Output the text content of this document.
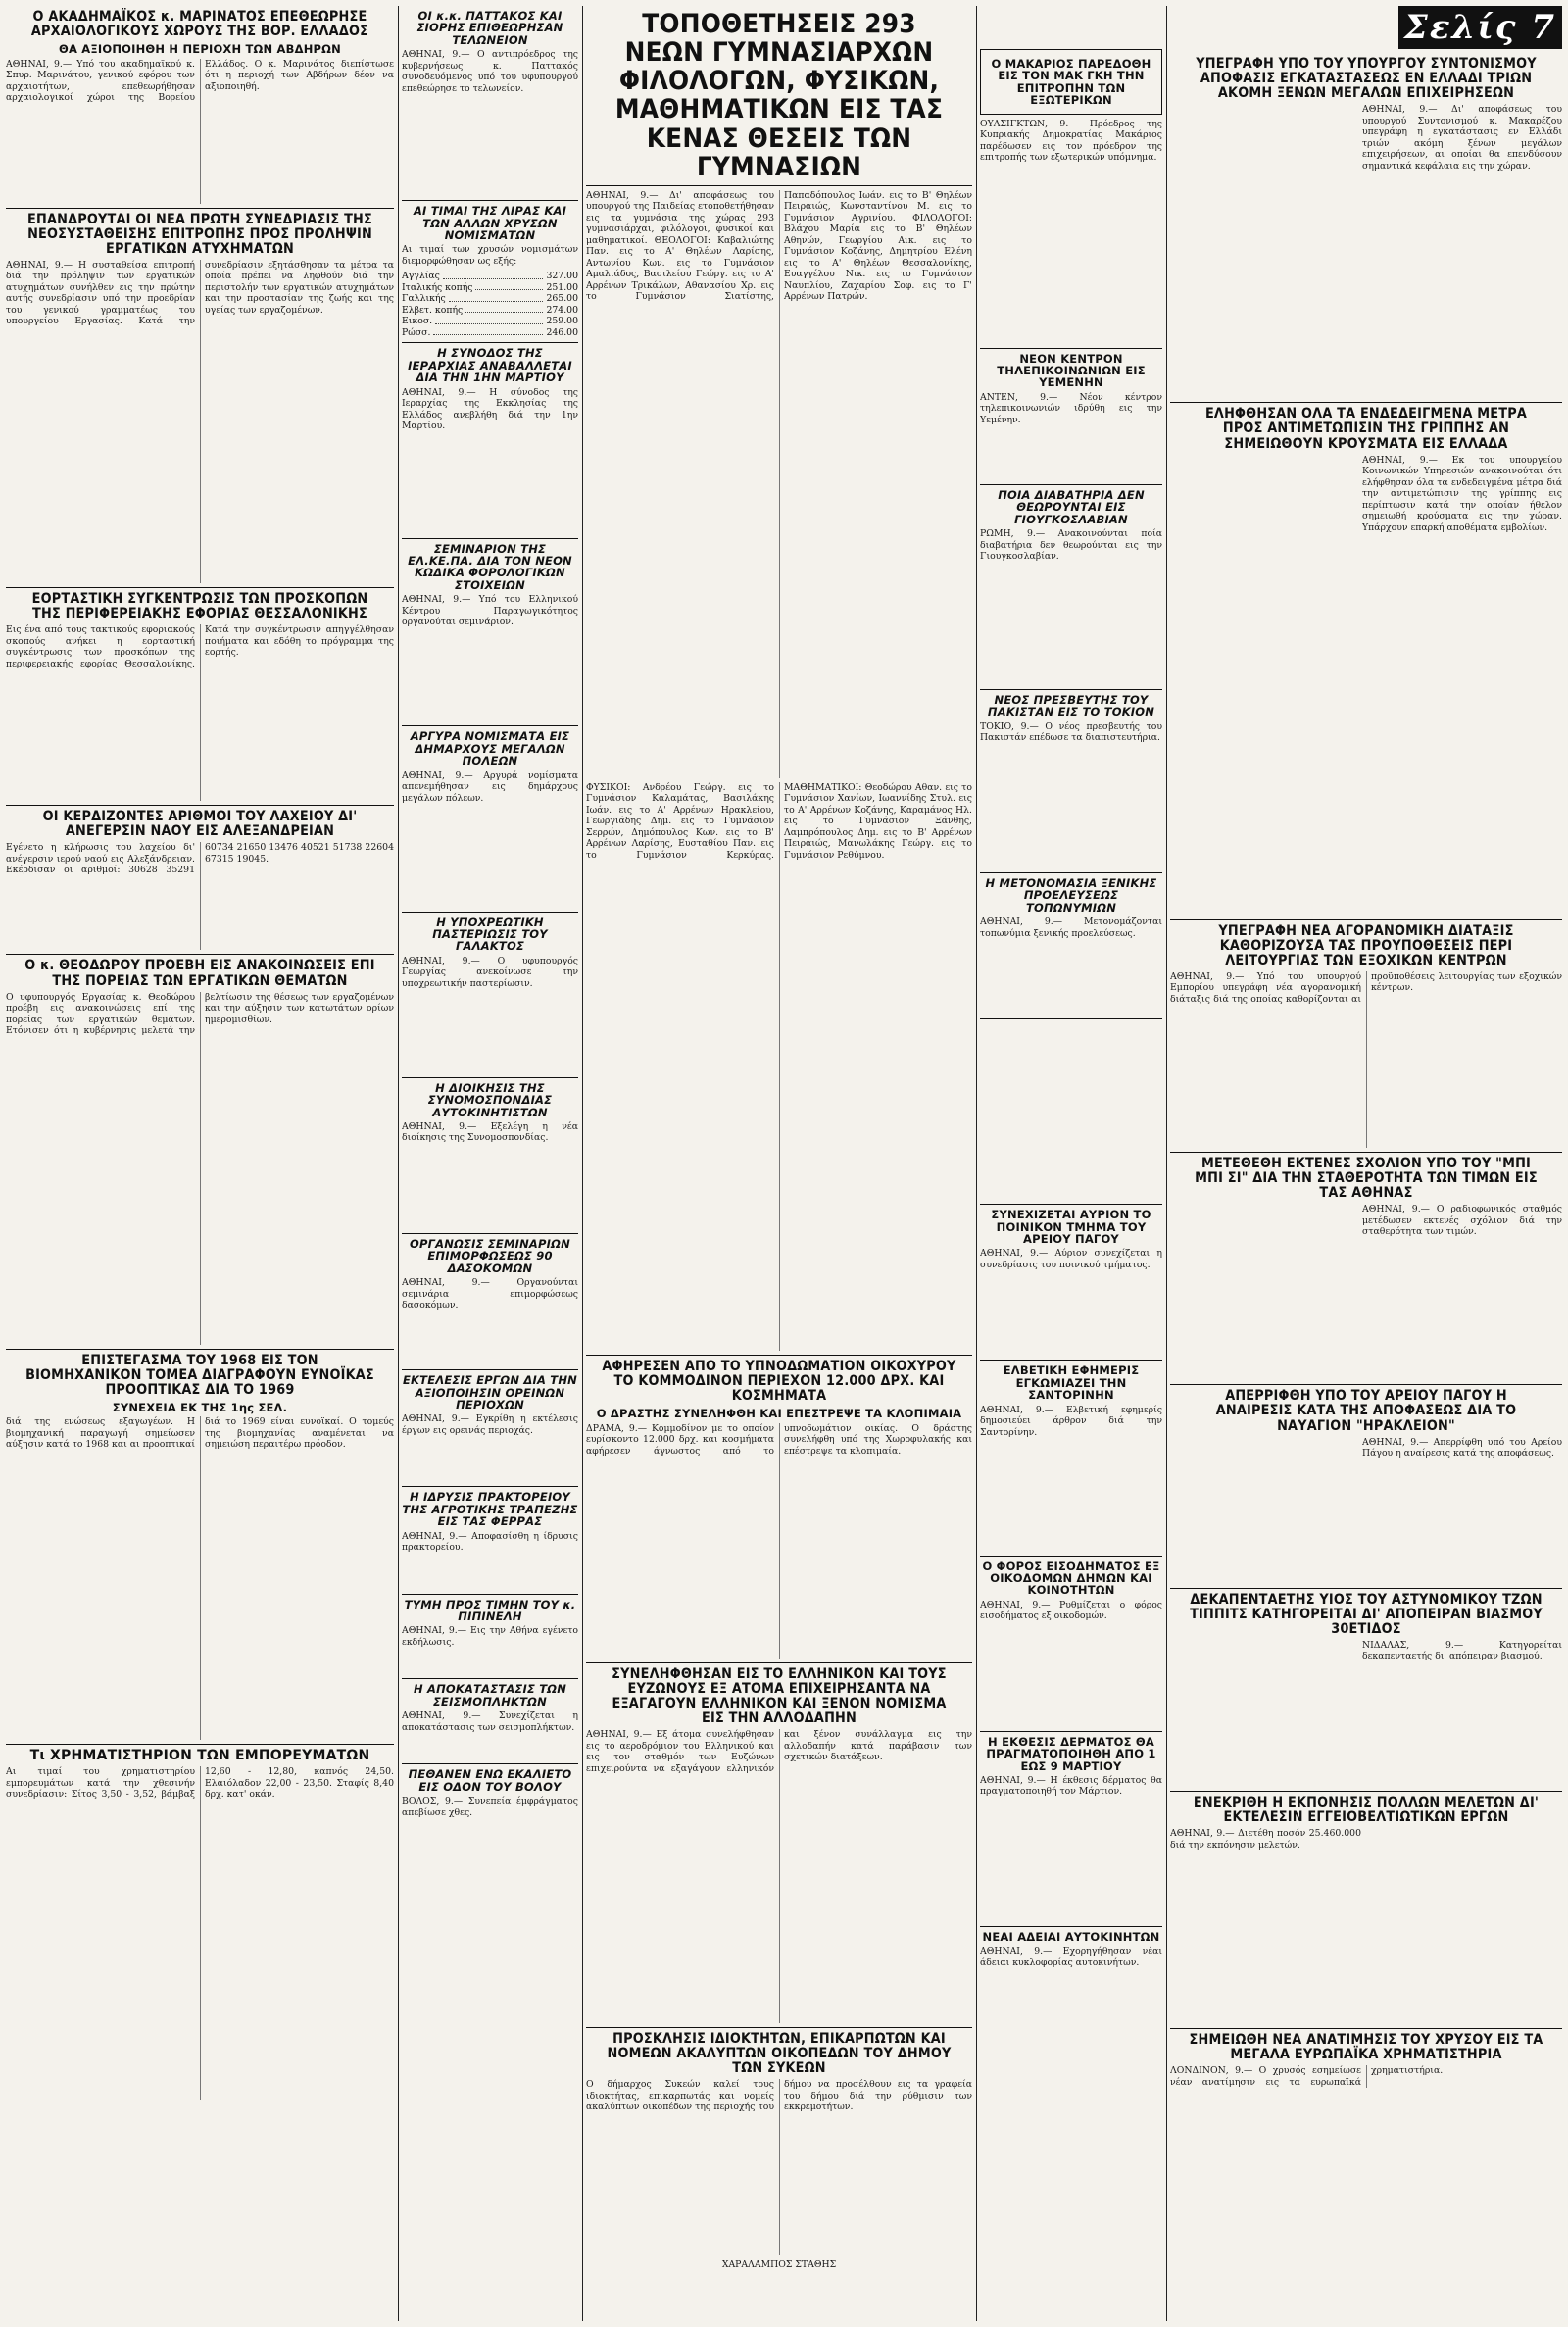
Ο ΑΚΑΔΗΜΑΪΚΟΣ κ. ΜΑΡΙΝΑΤΟΣ ΕΠΕΘΕΩΡΗΣΕ ΑΡΧΑΙΟΛΟΓΙΚΟΥΣ ΧΩΡΟΥΣ ΤΗΣ ΒΟΡ. ΕΛΛΑΔΟΣ
ΘΑ ΑΞΙΟΠΟΙΗΘΗ Η ΠΕΡΙΟΧΗ ΤΩΝ ΑΒΔΗΡΩΝ
ΑΘΗΝΑΙ, 9.— Υπό του ακαδημαϊκού κ. Σπυρ. Μαρινάτου, γενικού εφόρου των αρχαιοτήτων, επεθεωρήθησαν αρχαιολογικοί χώροι της Βορείου Ελλάδος. Ο κ. Μαρινάτος διεπίστωσε ότι η περιοχή των Αβδήρων δέον να αξιοποιηθή.
ΕΠΑΝΔΡΟΥΤΑΙ ΟΙ ΝΕΑ ΠΡΩΤΗ ΣΥΝΕΔΡΙΑΣΙΣ ΤΗΣ ΝΕΟΣΥΣΤΑΘΕΙΣΗΣ ΕΠΙΤΡΟΠΗΣ ΠΡΟΣ ΠΡΟΛΗΨΙΝ ΕΡΓΑΤΙΚΩΝ ΑΤΥΧΗΜΑΤΩΝ
ΑΘΗΝΑΙ, 9.— Η συσταθείσα επιτροπή διά την πρόληψιν των εργατικών ατυχημάτων συνήλθεν εις την πρώτην αυτής συνεδρίασιν υπό την προεδρίαν του γενικού γραμματέως του υπουργείου Εργασίας. Κατά την συνεδρίασιν εξητάσθησαν τα μέτρα τα οποία πρέπει να ληφθούν διά την περιστολήν των εργατικών ατυχημάτων και την προστασίαν της ζωής και της υγείας των εργαζομένων.
ΕΟΡΤΑΣΤΙΚΗ ΣΥΓΚΕΝΤΡΩΣΙΣ ΤΩΝ ΠΡΟΣΚΟΠΩΝ ΤΗΣ ΠΕΡΙΦΕΡΕΙΑΚΗΣ ΕΦΟΡΙΑΣ ΘΕΣΣΑΛΟΝΙΚΗΣ
Εις ένα από τους τακτικούς εφοριακούς σκοπούς ανήκει η εορταστική συγκέντρωσις των προσκόπων της περιφερειακής εφορίας Θεσσαλονίκης. Κατά την συγκέντρωσιν απηγγέλθησαν ποιήματα και εδόθη το πρόγραμμα της εορτής.
ΟΙ ΚΕΡΔΙΖΟΝΤΕΣ ΑΡΙΘΜΟΙ ΤΟΥ ΛΑΧΕΙΟΥ ΔΙ' ΑΝΕΓΕΡΣΙΝ ΝΑΟΥ ΕΙΣ ΑΛΕΞΑΝΔΡΕΙΑΝ
Εγένετο η κλήρωσις του λαχείου δι' ανέγερσιν ιερού ναού εις Αλεξάνδρειαν. Εκέρδισαν οι αριθμοί: 30628 35291 60734 21650 13476 40521 51738 22604 67315 19045.
Ο κ. ΘΕΟΔΩΡΟΥ ΠΡΟΕΒΗ ΕΙΣ ΑΝΑΚΟΙΝΩΣΕΙΣ ΕΠΙ ΤΗΣ ΠΟΡΕΙΑΣ ΤΩΝ ΕΡΓΑΤΙΚΩΝ ΘΕΜΑΤΩΝ
Ο υφυπουργός Εργασίας κ. Θεοδώρου προέβη εις ανακοινώσεις επί της πορείας των εργατικών θεμάτων. Ετόνισεν ότι η κυβέρνησις μελετά την βελτίωσιν της θέσεως των εργαζομένων και την αύξησιν των κατωτάτων ορίων ημερομισθίων.
ΕΠΙΣΤΕΓΑΣΜΑ ΤΟΥ 1968 ΕΙΣ ΤΟΝ ΒΙΟΜΗΧΑΝΙΚΟΝ ΤΟΜΕΑ ΔΙΑΓΡΑΦΟΥΝ ΕΥΝΟΪΚΑΣ ΠΡΟΟΠΤΙΚΑΣ ΔΙΑ ΤΟ 1969
ΣΥΝΕΧΕΙΑ ΕΚ ΤΗΣ 1ης ΣΕΛ.
διά της ενώσεως εξαγωγέων. Η βιομηχανική παραγωγή σημείωσεν αύξησιν κατά το 1968 και αι προοπτικαί διά το 1969 είναι ευνοϊκαί. Ο τομεύς της βιομηχανίας αναμένεται να σημειώση περαιτέρω πρόοδον.
Τι ΧΡΗΜΑΤΙΣΤΗΡΙΟΝ ΤΩΝ ΕΜΠΟΡΕΥΜΑΤΩΝ
Αι τιμαί του χρηματιστηρίου εμπορευμάτων κατά την χθεσινήν συνεδρίασιν: Σίτος 3,50 - 3,52, βάμβαξ 12,60 - 12,80, καπνός 24,50. Ελαιόλαδον 22,00 - 23,50. Σταφίς 8,40 δρχ. κατ' οκάν.
ΟΙ κ.κ. ΠΑΤΤΑΚΟΣ ΚΑΙ ΣΙΟΡΗΣ ΕΠΙΘΕΩΡΗΣΑΝ ΤΕΛΩΝΕΙΟΝ
ΑΘΗΝΑΙ, 9.— Ο αντιπρόεδρος της κυβερνήσεως κ. Παττακός συνοδευόμενος υπό του υφυπουργού επεθεώρησε το τελωνείον.
ΑΙ ΤΙΜΑΙ ΤΗΣ ΛΙΡΑΣ ΚΑΙ ΤΩΝ ΑΛΛΩΝ ΧΡΥΣΩΝ ΝΟΜΙΣΜΑΤΩΝ
Αι τιμαί των χρυσών νομισμάτων διεμορφώθησαν ως εξής:
Αγγλίας	327.00
Ιταλικής κοπής	251.00
Γαλλικής	265.00
Ελβετ. κοπής	274.00
Εικοσ.	259.00
Ρώσσ.	246.00
Η ΣΥΝΟΔΟΣ ΤΗΣ ΙΕΡΑΡΧΙΑΣ ΑΝΑΒΑΛΛΕΤΑΙ ΔΙΑ ΤΗΝ 1ΗΝ ΜΑΡΤΙΟΥ
ΑΘΗΝΑΙ, 9.— Η σύνοδος της Ιεραρχίας της Εκκλησίας της Ελλάδος ανεβλήθη διά την 1ην Μαρτίου.
ΣΕΜΙΝΑΡΙΟΝ ΤΗΣ ΕΛ.ΚΕ.ΠΑ. ΔΙΑ ΤΟΝ ΝΕΟΝ ΚΩΔΙΚΑ ΦΟΡΟΛΟΓΙΚΩΝ ΣΤΟΙΧΕΙΩΝ
ΑΘΗΝΑΙ, 9.— Υπό του Ελληνικού Κέντρου Παραγωγικότητος οργανούται σεμινάριον.
ΑΡΓΥΡΑ ΝΟΜΙΣΜΑΤΑ ΕΙΣ ΔΗΜΑΡΧΟΥΣ ΜΕΓΑΛΩΝ ΠΟΛΕΩΝ
ΑΘΗΝΑΙ, 9.— Αργυρά νομίσματα απενεμήθησαν εις δημάρχους μεγάλων πόλεων.
Η ΥΠΟΧΡΕΩΤΙΚΗ ΠΑΣΤΕΡΙΩΣΙΣ ΤΟΥ ΓΑΛΑΚΤΟΣ
ΑΘΗΝΑΙ, 9.— Ο υφυπουργός Γεωργίας ανεκοίνωσε την υποχρεωτικήν παστερίωσιν.
Η ΔΙΟΙΚΗΣΙΣ ΤΗΣ ΣΥΝΟΜΟΣΠΟΝΔΙΑΣ ΑΥΤΟΚΙΝΗΤΙΣΤΩΝ
ΑΘΗΝΑΙ, 9.— Εξελέγη η νέα διοίκησις της Συνομοσπονδίας.
ΟΡΓΑΝΩΣΙΣ ΣΕΜΙΝΑΡΙΩΝ ΕΠΙΜΟΡΦΩΣΕΩΣ 90 ΔΑΣΟΚΟΜΩΝ
ΑΘΗΝΑΙ, 9.— Οργανούνται σεμινάρια επιμορφώσεως δασοκόμων.
ΕΚΤΕΛΕΣΙΣ ΕΡΓΩΝ ΔΙΑ ΤΗΝ ΑΞΙΟΠΟΙΗΣΙΝ ΟΡΕΙΝΩΝ ΠΕΡΙΟΧΩΝ
ΑΘΗΝΑΙ, 9.— Εγκρίθη η εκτέλεσις έργων εις ορεινάς περιοχάς.
Η ΙΔΡΥΣΙΣ ΠΡΑΚΤΟΡΕΙΟΥ ΤΗΣ ΑΓΡΟΤΙΚΗΣ ΤΡΑΠΕΖΗΣ ΕΙΣ ΤΑΣ ΦΕΡΡΑΣ
ΑΘΗΝΑΙ, 9.— Αποφασίσθη η ίδρυσις πρακτορείου.
ΤΥΜΗ ΠΡΟΣ ΤΙΜΗΝ ΤΟΥ κ. ΠΙΠΙΝΕΛΗ
ΑΘΗΝΑΙ, 9.— Εις την Αθήνα εγένετο εκδήλωσις.
Η ΑΠΟΚΑΤΑΣΤΑΣΙΣ ΤΩΝ ΣΕΙΣΜΟΠΛΗΚΤΩΝ
ΑΘΗΝΑΙ, 9.— Συνεχίζεται η αποκατάστασις των σεισμοπλήκτων.
ΠΕΘΑΝΕΝ ΕΝΩ ΕΚΑΛΙΕΤΟ ΕΙΣ ΟΔΟΝ ΤΟΥ ΒΟΛΟΥ
ΒΟΛΟΣ, 9.— Συνεπεία έμφράγματος απεβίωσε χθες.
ΤΟΠΟΘΕΤΗΣΕΙΣ 293 ΝΕΩΝ ΓΥΜΝΑΣΙΑΡΧΩΝ ΦΙΛΟΛΟΓΩΝ, ΦΥΣΙΚΩΝ, ΜΑΘΗΜΑΤΙΚΩΝ ΕΙΣ ΤΑΣ ΚΕΝΑΣ ΘΕΣΕΙΣ ΤΩΝ ΓΥΜΝΑΣΙΩΝ
ΑΘΗΝΑΙ, 9.— Δι' αποφάσεως του υπουργού της Παιδείας ετοποθετήθησαν εις τα γυμνάσια της χώρας 293 γυμνασιάρχαι, φιλόλογοι, φυσικοί και μαθηματικοί. ΘΕΟΛΟΓΟΙ: Καβαλιώτης Παν. εις το Α' Θηλέων Λαρίσης, Αντωνίου Κων. εις το Γυμνάσιον Αμαλιάδος, Βασιλείου Γεώργ. εις το Α' Αρρένων Τρικάλων, Αθανασίου Χρ. εις το Γυμνάσιον Σιατίστης, Παπαδόπουλος Ιωάν. εις το Β' Θηλέων Πειραιώς, Κωνσταντίνου Μ. εις το Γυμνάσιον Αγρινίου. ΦΙΛΟΛΟΓΟΙ: Βλάχου Μαρία εις το Β' Θηλέων Αθηνών, Γεωργίου Αικ. εις το Γυμνάσιον Κοζάνης, Δημητρίου Ελένη εις το Α' Θηλέων Θεσσαλονίκης, Ευαγγέλου Νικ. εις το Γυμνάσιον Ναυπλίου, Ζαχαρίου Σοφ. εις το Γ' Αρρένων Πατρών.
ΦΥΣΙΚΟΙ: Ανδρέου Γεώργ. εις το Γυμνάσιον Καλαμάτας, Βασιλάκης Ιωάν. εις το Α' Αρρένων Ηρακλείου, Γεωργιάδης Δημ. εις το Γυμνάσιον Σερρών, Δημόπουλος Κων. εις το Β' Αρρένων Λαρίσης, Ευσταθίου Παν. εις το Γυμνάσιον Κερκύρας. ΜΑΘΗΜΑΤΙΚΟΙ: Θεοδώρου Αθαν. εις το Γυμνάσιον Χανίων, Ιωαννίδης Στυλ. εις το Α' Αρρένων Κοζάνης, Καραμάνος Ηλ. εις το Γυμνάσιον Ξάνθης, Λαμπρόπουλος Δημ. εις το Β' Αρρένων Πειραιώς, Μανωλάκης Γεώργ. εις το Γυμνάσιον Ρεθύμνου.
ΑΦΗΡΕΣΕΝ ΑΠΟ ΤΟ ΥΠΝΟΔΩΜΑΤΙΟΝ ΟΙΚΟΧΥΡΟΥ ΤΟ ΚΟΜΜΟΔΙΝΟΝ ΠΕΡΙΕΧΟΝ 12.000 ΔΡΧ. ΚΑΙ ΚΟΣΜΗΜΑΤΑ
Ο ΔΡΑΣΤΗΣ ΣΥΝΕΛΗΦΘΗ ΚΑΙ ΕΠΕΣΤΡΕΨΕ ΤΑ ΚΛΟΠΙΜΑΙΑ
ΔΡΑΜΑ, 9.— Κομμοδίνον με το οποίον ευρίσκοντο 12.000 δρχ. και κοσμήματα αφήρεσεν άγνωστος από το υπνοδωμάτιον οικίας. Ο δράστης συνελήφθη υπό της Χωροφυλακής και επέστρεψε τα κλοπιμαία.
ΣΥΝΕΛΗΦΘΗΣΑΝ ΕΙΣ ΤΟ ΕΛΛΗΝΙΚΟΝ ΚΑΙ ΤΟΥΣ ΕΥΖΩΝΟΥΣ ΕΞ ΑΤΟΜΑ ΕΠΙΧΕΙΡΗΣΑΝΤΑ ΝΑ ΕΞΑΓΑΓΟΥΝ ΕΛΛΗΝΙΚΟΝ ΚΑΙ ΞΕΝΟΝ ΝΟΜΙΣΜΑ ΕΙΣ ΤΗΝ ΑΛΛΟΔΑΠΗΝ
ΑΘΗΝΑΙ, 9.— Εξ άτομα συνελήφθησαν εις το αεροδρόμιον του Ελληνικού και εις τον σταθμόν των Ευζώνων επιχειρούντα να εξαγάγουν ελληνικόν και ξένον συνάλλαγμα εις την αλλοδαπήν κατά παράβασιν των σχετικών διατάξεων.
ΠΡΟΣΚΛΗΣΙΣ ΙΔΙΟΚΤΗΤΩΝ, ΕΠΙΚΑΡΠΩΤΩΝ ΚΑΙ ΝΟΜΕΩΝ ΑΚΑΛΥΠΤΩΝ ΟΙΚΟΠΕΔΩΝ ΤΟΥ ΔΗΜΟΥ ΤΩΝ ΣΥΚΕΩΝ
Ο δήμαρχος Συκεών καλεί τους ιδιοκτήτας, επικαρπωτάς και νομείς ακαλύπτων οικοπέδων της περιοχής του δήμου να προσέλθουν εις τα γραφεία του δήμου διά την ρύθμισιν των εκκρεμοτήτων.
ΧΑΡΑΛΑΜΠΟΣ ΣΤΑΘΗΣ
Ο ΜΑΚΑΡΙΟΣ ΠΑΡΕΔΟΘΗ ΕΙΣ ΤΟΝ ΜΑΚ ΓΚΗ ΤΗΝ ΕΠΙΤΡΟΠΗΝ ΤΩΝ ΕΞΩΤΕΡΙΚΩΝ
ΟΥΑΣΙΓΚΤΩΝ, 9.— Πρόεδρος της Κυπριακής Δημοκρατίας Μακάριος παρέδωσεν εις τον πρόεδρον της επιτροπής των εξωτερικών υπόμνημα.
ΝΕΟΝ ΚΕΝΤΡΟΝ ΤΗΛΕΠΙΚΟΙΝΩΝΙΩΝ ΕΙΣ ΥΕΜΕΝΗΝ
ΑΝΤΕΝ, 9.— Νέον κέντρον τηλεπικοινωνιών ιδρύθη εις την Υεμένην.
ΠΟΙΑ ΔΙΑΒΑΤΗΡΙΑ ΔΕΝ ΘΕΩΡΟΥΝΤΑΙ ΕΙΣ ΓΙΟΥΓΚΟΣΛΑΒΙΑΝ
ΡΩΜΗ, 9.— Ανακοινούνται ποία διαβατήρια δεν θεωρούνται εις την Γιουγκοσλαβίαν.
ΝΕΟΣ ΠΡΕΣΒΕΥΤΗΣ ΤΟΥ ΠΑΚΙΣΤΑΝ ΕΙΣ ΤΟ ΤΟΚΙΟΝ
ΤΟΚΙΟ, 9.— Ο νέος πρεσβευτής του Πακιστάν επέδωσε τα διαπιστευτήρια.
Η ΜΕΤΟΝΟΜΑΣΙΑ ΞΕΝΙΚΗΣ ΠΡΟΕΛΕΥΣΕΩΣ ΤΟΠΩΝΥΜΙΩΝ
ΑΘΗΝΑΙ, 9.— Μετονομάζονται τοπωνύμια ξενικής προελεύσεως.
ΣΥΝΕΧΙΖΕΤΑΙ ΑΥΡΙΟΝ ΤΟ ΠΟΙΝΙΚΟΝ ΤΜΗΜΑ ΤΟΥ ΑΡΕΙΟΥ ΠΑΓΟΥ
ΑΘΗΝΑΙ, 9.— Αύριον συνεχίζεται η συνεδρίασις του ποινικού τμήματος.
ΕΛΒΕΤΙΚΗ ΕΦΗΜΕΡΙΣ ΕΓΚΩΜΙΑΖΕΙ ΤΗΝ ΣΑΝΤΟΡΙΝΗΝ
ΑΘΗΝΑΙ, 9.— Ελβετική εφημερίς δημοσιεύει άρθρον διά την Σαντορίνην.
Ο ΦΟΡΟΣ ΕΙΣΟΔΗΜΑΤΟΣ ΕΞ ΟΙΚΟΔΟΜΩΝ ΔΗΜΩΝ ΚΑΙ ΚΟΙΝΟΤΗΤΩΝ
ΑΘΗΝΑΙ, 9.— Ρυθμίζεται ο φόρος εισοδήματος εξ οικοδομών.
Η ΕΚΘΕΣΙΣ ΔΕΡΜΑΤΟΣ ΘΑ ΠΡΑΓΜΑΤΟΠΟΙΗΘΗ ΑΠΟ 1 ΕΩΣ 9 ΜΑΡΤΙΟΥ
ΑΘΗΝΑΙ, 9.— Η έκθεσις δέρματος θα πραγματοποιηθή τον Μάρτιον.
ΝΕΑΙ ΑΔΕΙΑΙ ΑΥΤΟΚΙΝΗΤΩΝ
ΑΘΗΝΑΙ, 9.— Εχορηγήθησαν νέαι άδειαι κυκλοφορίας αυτοκινήτων.
Σελίς 7
ΥΠΕΓΡΑΦΗ ΥΠΟ ΤΟΥ ΥΠΟΥΡΓΟΥ ΣΥΝΤΟΝΙΣΜΟΥ ΑΠΟΦΑΣΙΣ ΕΓΚΑΤΑΣΤΑΣΕΩΣ ΕΝ ΕΛΛΑΔΙ ΤΡΙΩΝ ΑΚΟΜΗ ΞΕΝΩΝ ΜΕΓΑΛΩΝ ΕΠΙΧΕΙΡΗΣΕΩΝ
ΑΘΗΝΑΙ, 9.— Δι' αποφάσεως του υπουργού Συντονισμού κ. Μακαρέζου υπεγράφη η εγκατάστασις εν Ελλάδι τριών ακόμη ξένων μεγάλων επιχειρήσεων, αι οποίαι θα επενδύσουν σημαντικά κεφάλαια εις την χώραν.
ΕΛΗΦΘΗΣΑΝ ΟΛΑ ΤΑ ΕΝΔΕΔΕΙΓΜΕΝΑ ΜΕΤΡΑ ΠΡΟΣ ΑΝΤΙΜΕΤΩΠΙΣΙΝ ΤΗΣ ΓΡΙΠΠΗΣ ΑΝ ΣΗΜΕΙΩΘΟΥΝ ΚΡΟΥΣΜΑΤΑ ΕΙΣ ΕΛΛΑΔΑ
ΑΘΗΝΑΙ, 9.— Εκ του υπουργείου Κοινωνικών Υπηρεσιών ανακοινούται ότι ελήφθησαν όλα τα ενδεδειγμένα μέτρα διά την αντιμετώπισιν της γρίππης εις περίπτωσιν κατά την οποίαν ήθελον σημειωθή κρούσματα εις την χώραν. Υπάρχουν επαρκή αποθέματα εμβολίων.
ΥΠΕΓΡΑΦΗ ΝΕΑ ΑΓΟΡΑΝΟΜΙΚΗ ΔΙΑΤΑΞΙΣ ΚΑΘΟΡΙΖΟΥΣΑ ΤΑΣ ΠΡΟΥΠΟΘΕΣΕΙΣ ΠΕΡΙ ΛΕΙΤΟΥΡΓΙΑΣ ΤΩΝ ΕΞΟΧΙΚΩΝ ΚΕΝΤΡΩΝ
ΑΘΗΝΑΙ, 9.— Υπό του υπουργού Εμπορίου υπεγράφη νέα αγορανομική διάταξις διά της οποίας καθορίζονται αι προϋποθέσεις λειτουργίας των εξοχικών κέντρων.
ΜΕΤΕΘΕΘΗ ΕΚΤΕΝΕΣ ΣΧΟΛΙΟΝ ΥΠΟ ΤΟΥ "ΜΠΙ ΜΠΙ ΣΙ" ΔΙΑ ΤΗΝ ΣΤΑΘΕΡΟΤΗΤΑ ΤΩΝ ΤΙΜΩΝ ΕΙΣ ΤΑΣ ΑΘΗΝΑΣ
ΑΘΗΝΑΙ, 9.— Ο ραδιοφωνικός σταθμός μετέδωσεν εκτενές σχόλιον διά την σταθερότητα των τιμών.
ΑΠΕΡΡΙΦΘΗ ΥΠΟ ΤΟΥ ΑΡΕΙΟΥ ΠΑΓΟΥ Η ΑΝΑΙΡΕΣΙΣ ΚΑΤΑ ΤΗΣ ΑΠΟΦΑΣΕΩΣ ΔΙΑ ΤΟ ΝΑΥΑΓΙΟΝ "ΗΡΑΚΛΕΙΟΝ"
ΑΘΗΝΑΙ, 9.— Απερρίφθη υπό του Αρείου Πάγου η αναίρεσις κατά της αποφάσεως.
ΔΕΚΑΠΕΝΤΑΕΤΗΣ ΥΙΟΣ ΤΟΥ ΑΣΤΥΝΟΜΙΚΟΥ ΤΖΩΝ ΤΙΠΠΙΤΣ ΚΑΤΗΓΟΡΕΙΤΑΙ ΔΙ' ΑΠΟΠΕΙΡΑΝ ΒΙΑΣΜΟΥ 30ΕΤΙΔΟΣ
ΝΙΔΑΛΑΣ, 9.— Κατηγορείται δεκαπενταετής δι' απόπειραν βιασμού.
ΕΝΕΚΡΙΘΗ Η ΕΚΠΟΝΗΣΙΣ ΠΟΛΛΩΝ ΜΕΛΕΤΩΝ ΔΙ' ΕΚΤΕΛΕΣΙΝ ΕΓΓΕΙΟΒΕΛΤΙΩΤΙΚΩΝ ΕΡΓΩΝ
ΑΘΗΝΑΙ, 9.— Διετέθη ποσόν 25.460.000 διά την εκπόνησιν μελετών.
ΣΗΜΕΙΩΘΗ ΝΕΑ ΑΝΑΤΙΜΗΣΙΣ ΤΟΥ ΧΡΥΣΟΥ ΕΙΣ ΤΑ ΜΕΓΑΛΑ ΕΥΡΩΠΑΪΚΑ ΧΡΗΜΑΤΙΣΤΗΡΙΑ
ΛΟΝΔΙΝΟΝ, 9.— Ο χρυσός εσημείωσε νέαν ανατίμησιν εις τα ευρωπαϊκά χρηματιστήρια.
